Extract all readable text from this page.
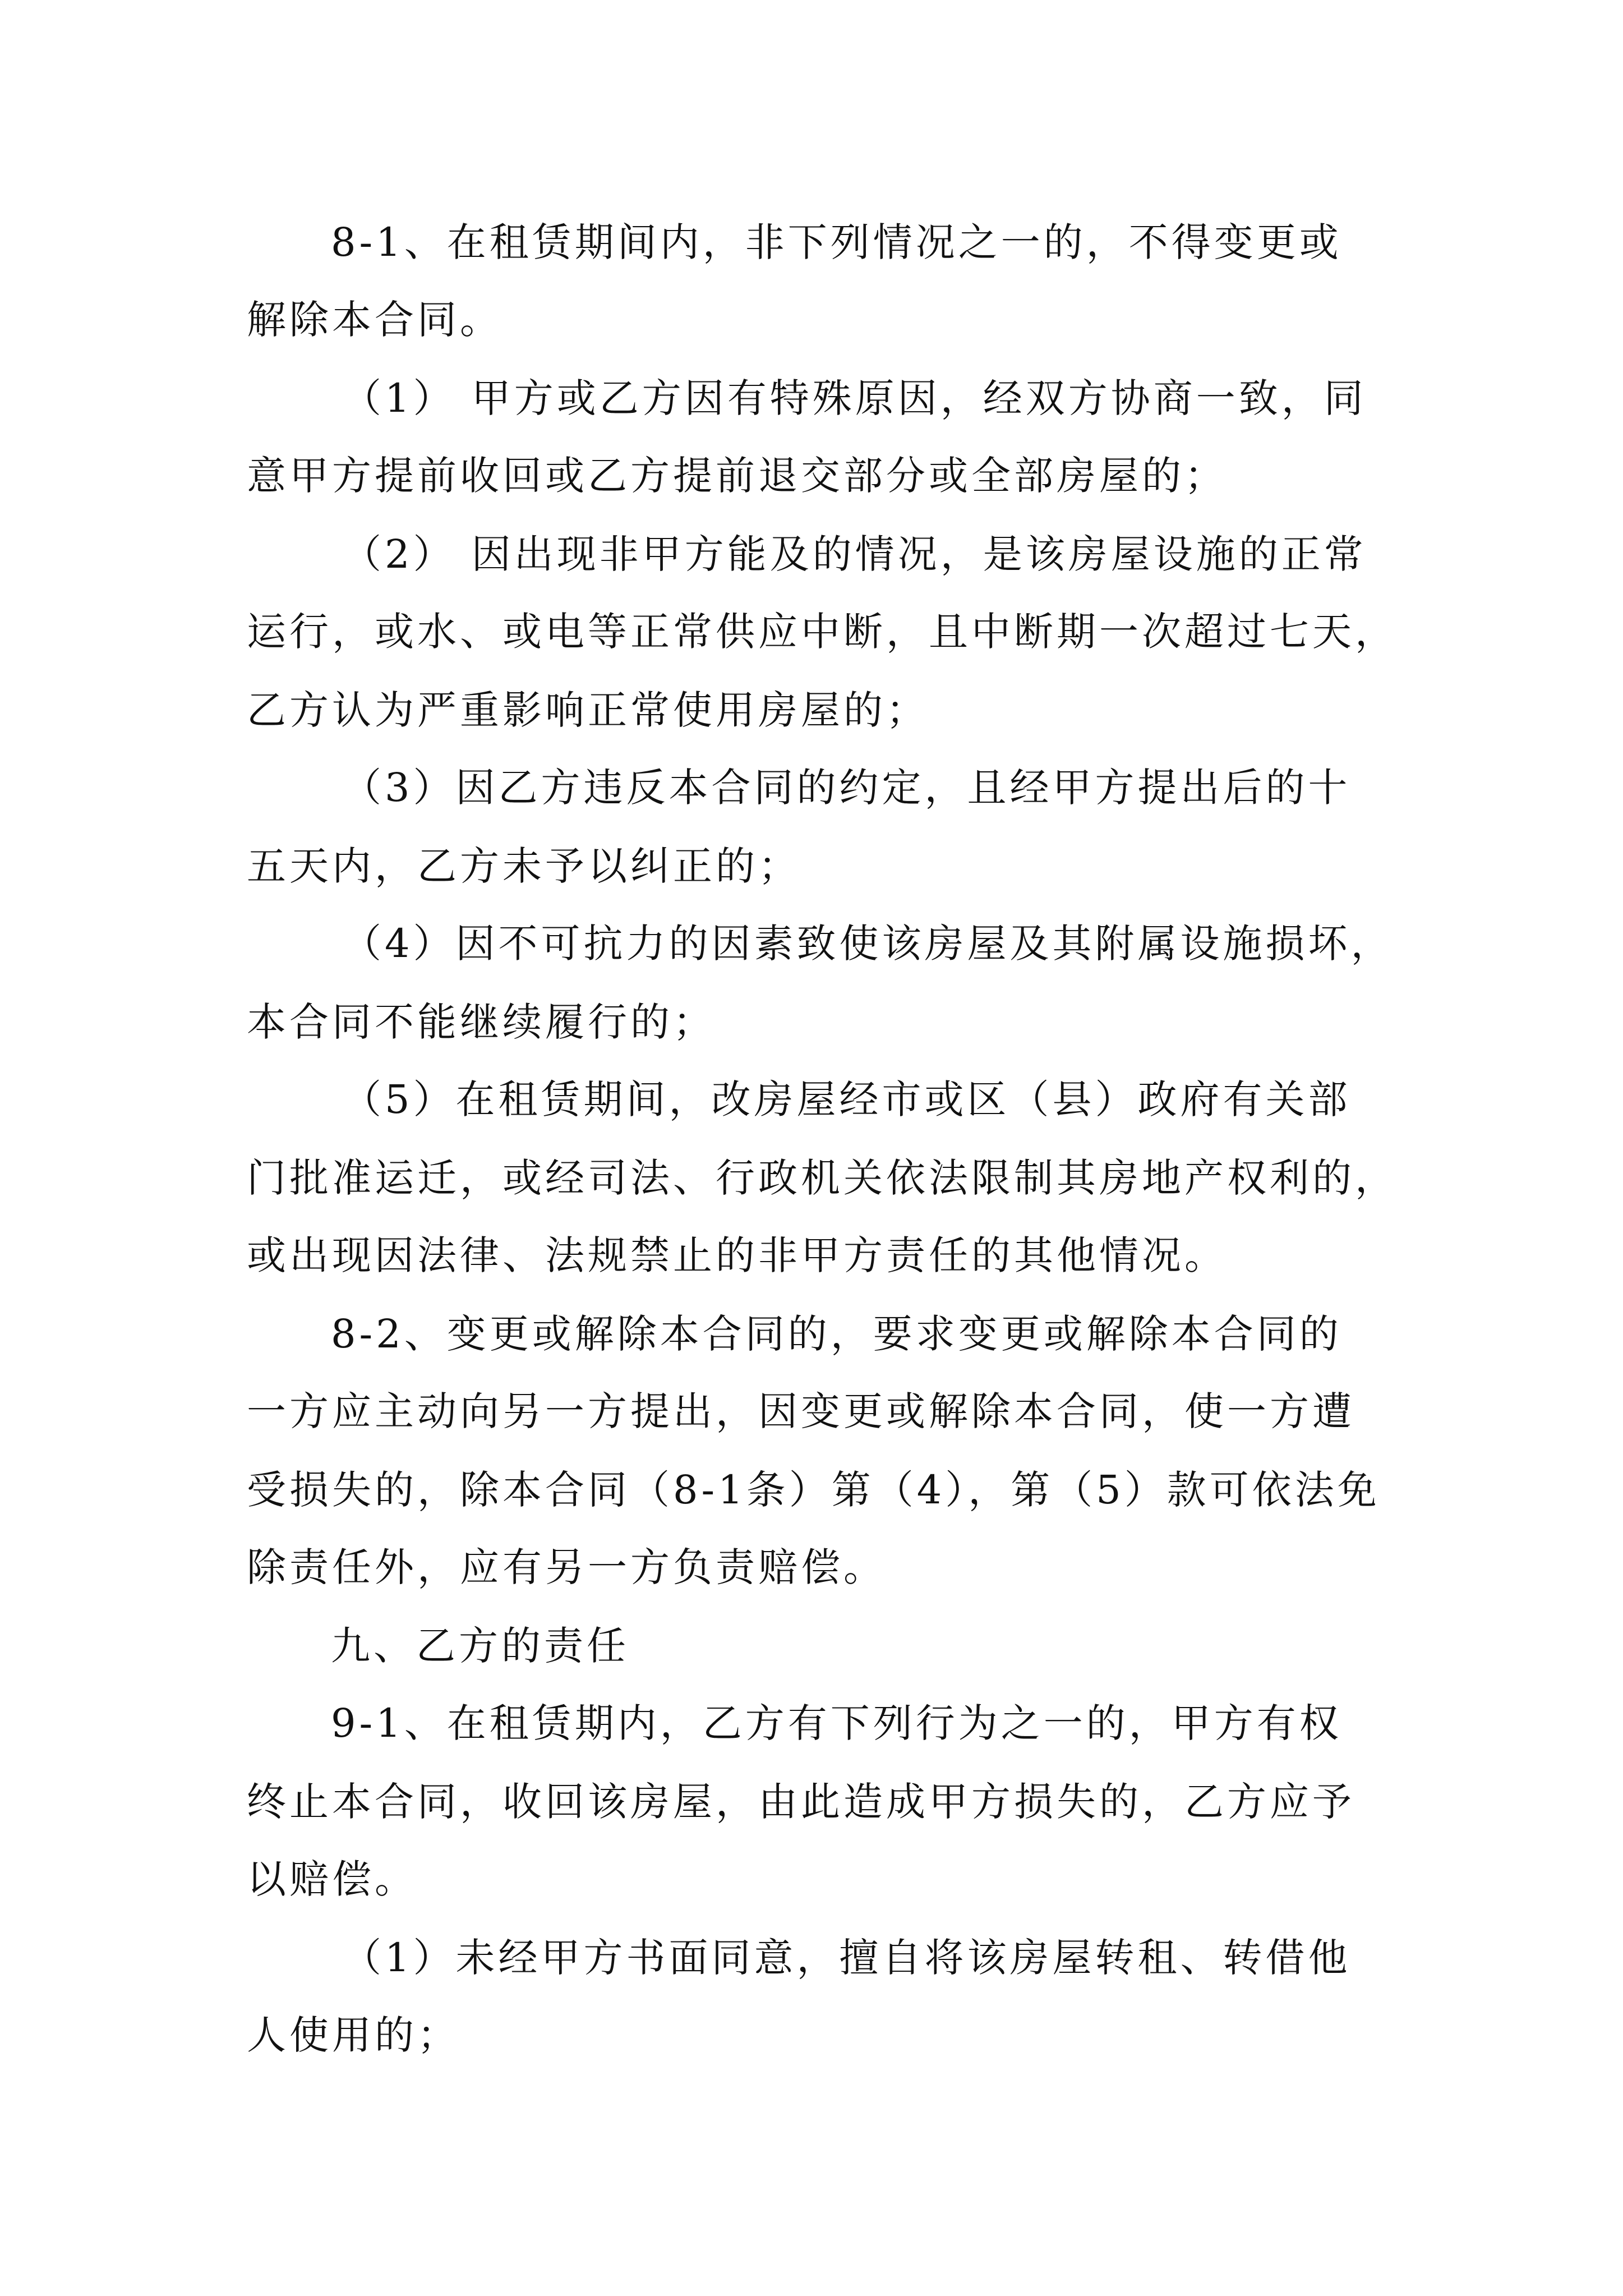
8-1、在租赁期间内，非下列情况之一的，不得变更或
解除本合同。
（1） 甲方或乙方因有特殊原因，经双方协商一致，同
意甲方提前收回或乙方提前退交部分或全部房屋的；
（2） 因出现非甲方能及的情况，是该房屋设施的正常
运行，或水、或电等正常供应中断，且中断期一次超过七天，
乙方认为严重影响正常使用房屋的；
（3）因乙方违反本合同的约定，且经甲方提出后的十
五天内，乙方未予以纠正的；
（4）因不可抗力的因素致使该房屋及其附属设施损坏，
本合同不能继续履行的；
（5）在租赁期间，改房屋经市或区（县）政府有关部
门批准运迁，或经司法、行政机关依法限制其房地产权利的，
或出现因法律、法规禁止的非甲方责任的其他情况。
8-2、变更或解除本合同的，要求变更或解除本合同的
一方应主动向另一方提出，因变更或解除本合同，使一方遭
受损失的，除本合同（8-1条）第（4），第（5）款可依法免
除责任外，应有另一方负责赔偿。
九、乙方的责任
9-1、在租赁期内，乙方有下列行为之一的，甲方有权
终止本合同，收回该房屋，由此造成甲方损失的，乙方应予
以赔偿。
（1）未经甲方书面同意，擅自将该房屋转租、转借他
人使用的；
